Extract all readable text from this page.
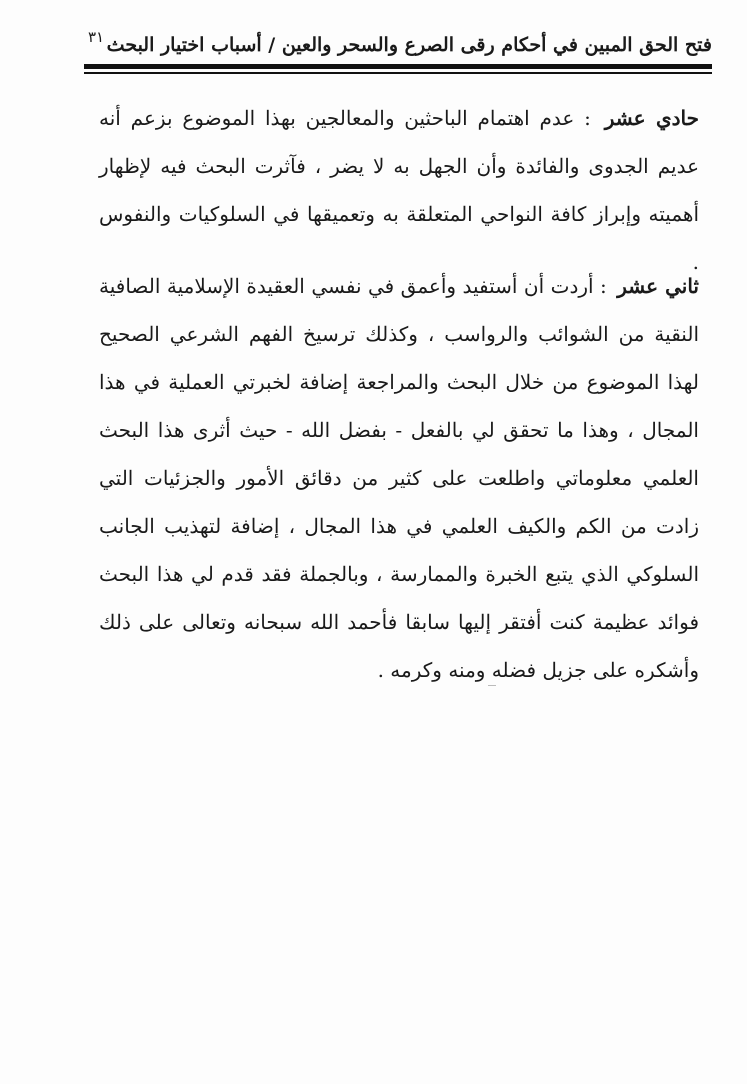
٣١ فتح الحق المبين في أحكام رقى الصرع والسحر والعين / أسباب اختيار البحث
حادي عشر : عدم اهتمام الباحثين والمعالجين بهذا الموضوع بزعم أنه عديم الجدوى والفائدة وأن الجهل به لا يضر ، فآثرت البحث فيه لإظهار أهميته وإبراز كافة النواحي المتعلقة به وتعميقها في السلوكيات والنفوس .
ثاني عشر : أردت أن أستفيد وأعمق في نفسي العقيدة الإسلامية الصافية النقية من الشوائب والرواسب ، وكذلك ترسيخ الفهم الشرعي الصحيح لهذا الموضوع من خلال البحث والمراجعة إضافة لخبرتي العملية في هذا المجال ، وهذا ما تحقق لي بالفعل - بفضل الله - حيث أثرى هذا البحث العلمي معلوماتي واطلعت على كثير من دقائق الأمور والجزئيات التي زادت من الكم والكيف العلمي في هذا المجال ، إضافة لتهذيب الجانب السلوكي الذي يتبع الخبرة والممارسة ، وبالجملة فقد قدم لي هذا البحث فوائد عظيمة كنت أفتقر إليها سابقا فأحمد الله سبحانه وتعالى على ذلك وأشكره على جزيل فضله ومنه وكرمه .
